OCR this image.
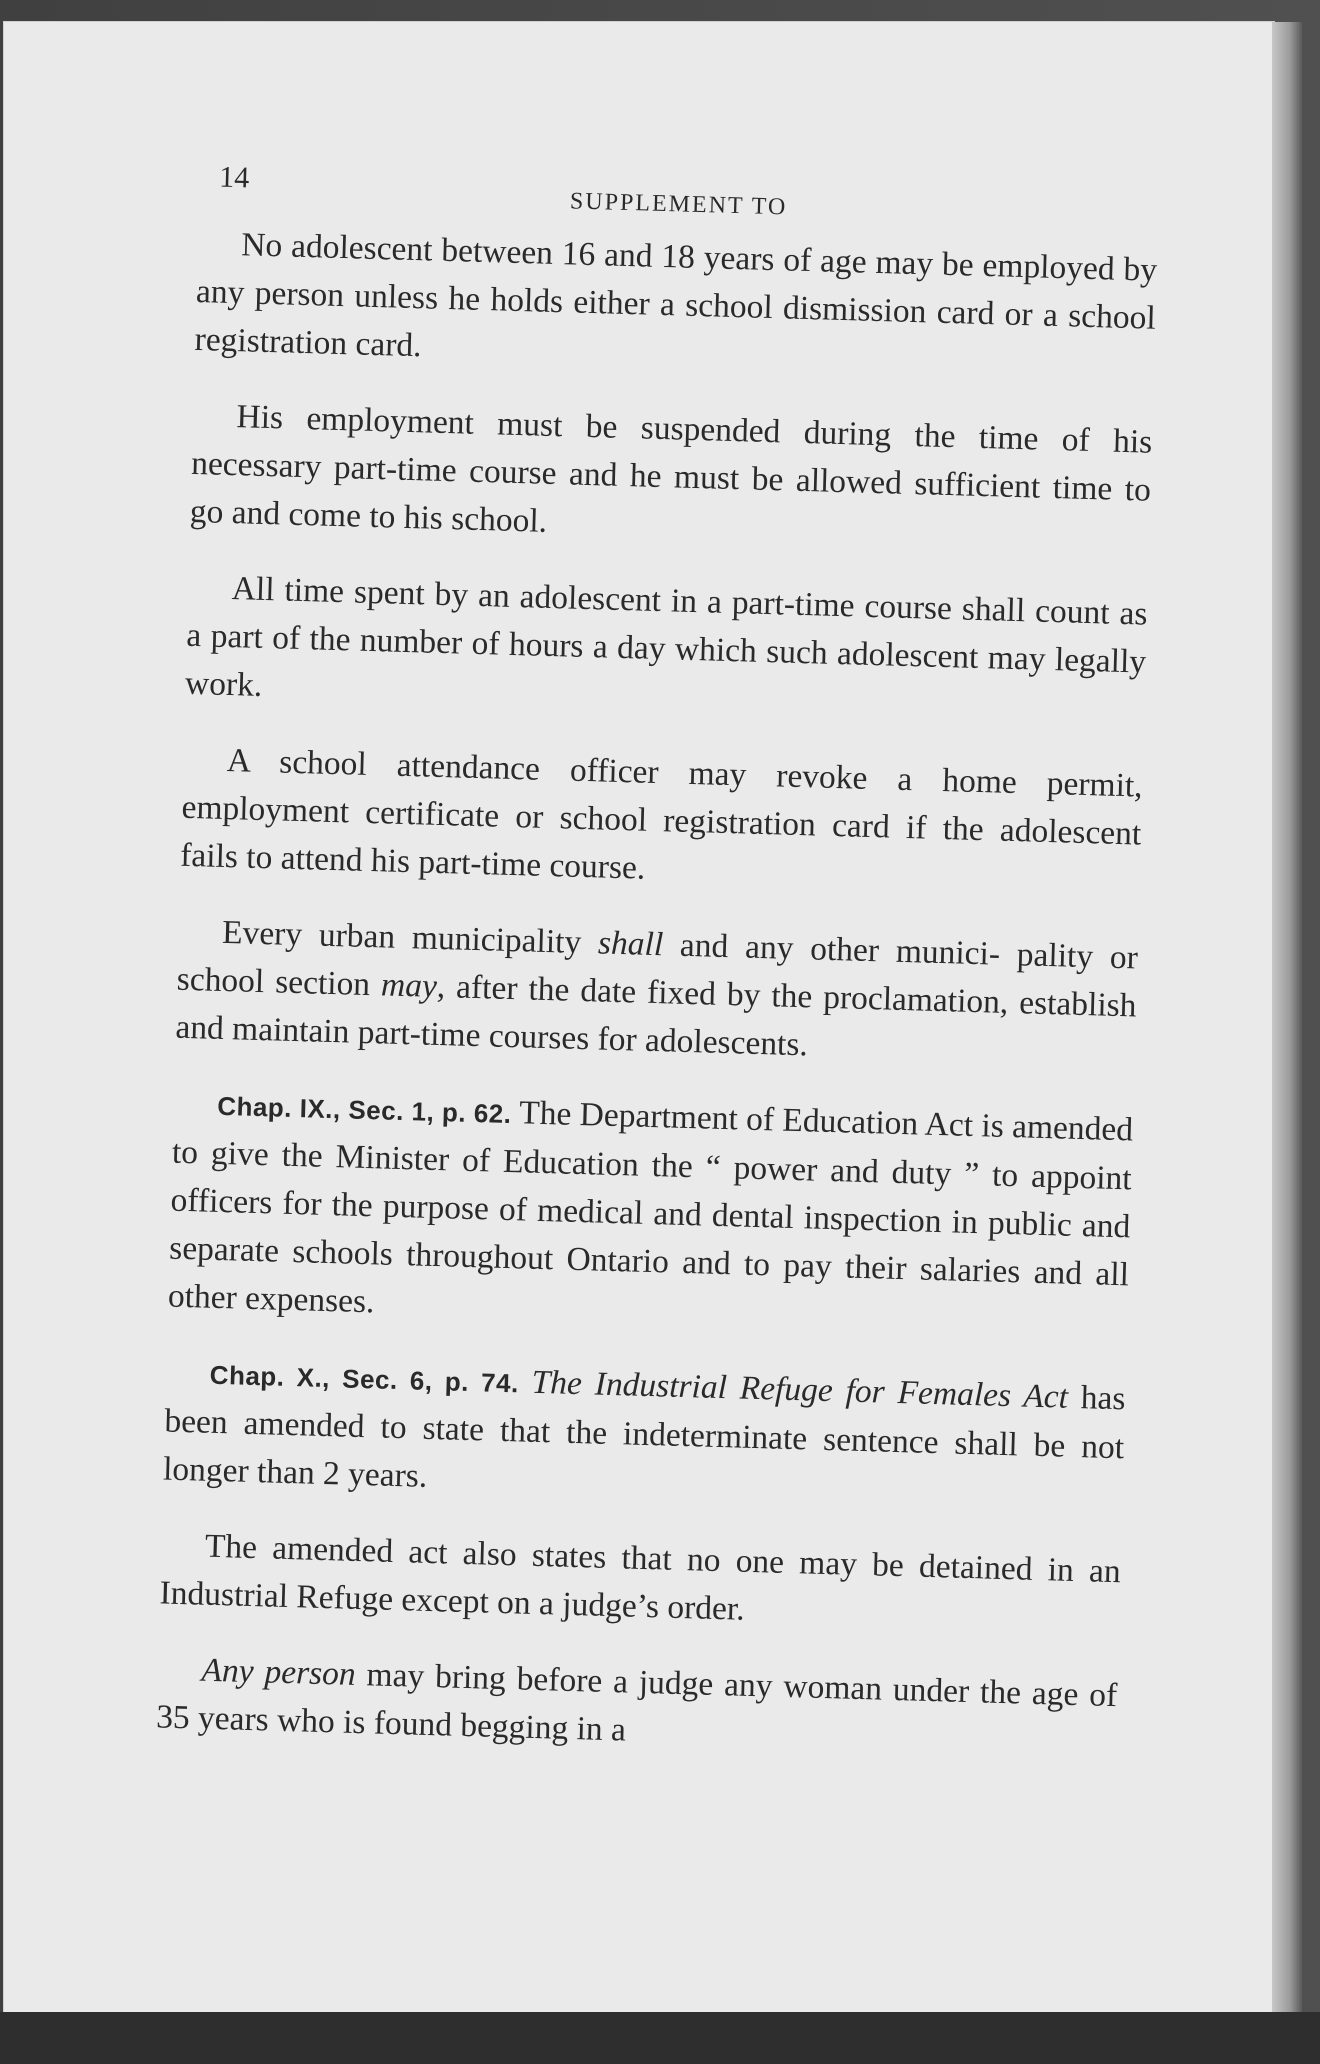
14
SUPPLEMENT TO

No adolescent between 16 and 18 years of age may be employed by any person unless he holds either a school dismission card or a school registration card.

His employment must be suspended during the time of his necessary part-time course and he must be allowed sufficient time to go and come to his school.

All time spent by an adolescent in a part-time course shall count as a part of the number of hours a day which such adolescent may legally work.

A school attendance officer may revoke a home permit, employment certificate or school registration card if the adolescent fails to attend his part-time course.

Every urban municipality shall and any other munici- pality or school section may, after the date fixed by the proclamation, establish and maintain part-time courses for adolescents.

Chap. IX., Sec. 1, p. 62. The Department of Education Act is amended to give the Minister of Education the “ power and duty ” to appoint officers for the purpose of medical and dental inspection in public and separate schools throughout Ontario and to pay their salaries and all other expenses.

Chap. X., Sec. 6, p. 74. The Industrial Refuge for Females Act has been amended to state that the indeterminate sentence shall be not longer than 2 years.

The amended act also states that no one may be detained in an Industrial Refuge except on a judge’s order.

Any person may bring before a judge any woman under the age of 35 years who is found begging in a
